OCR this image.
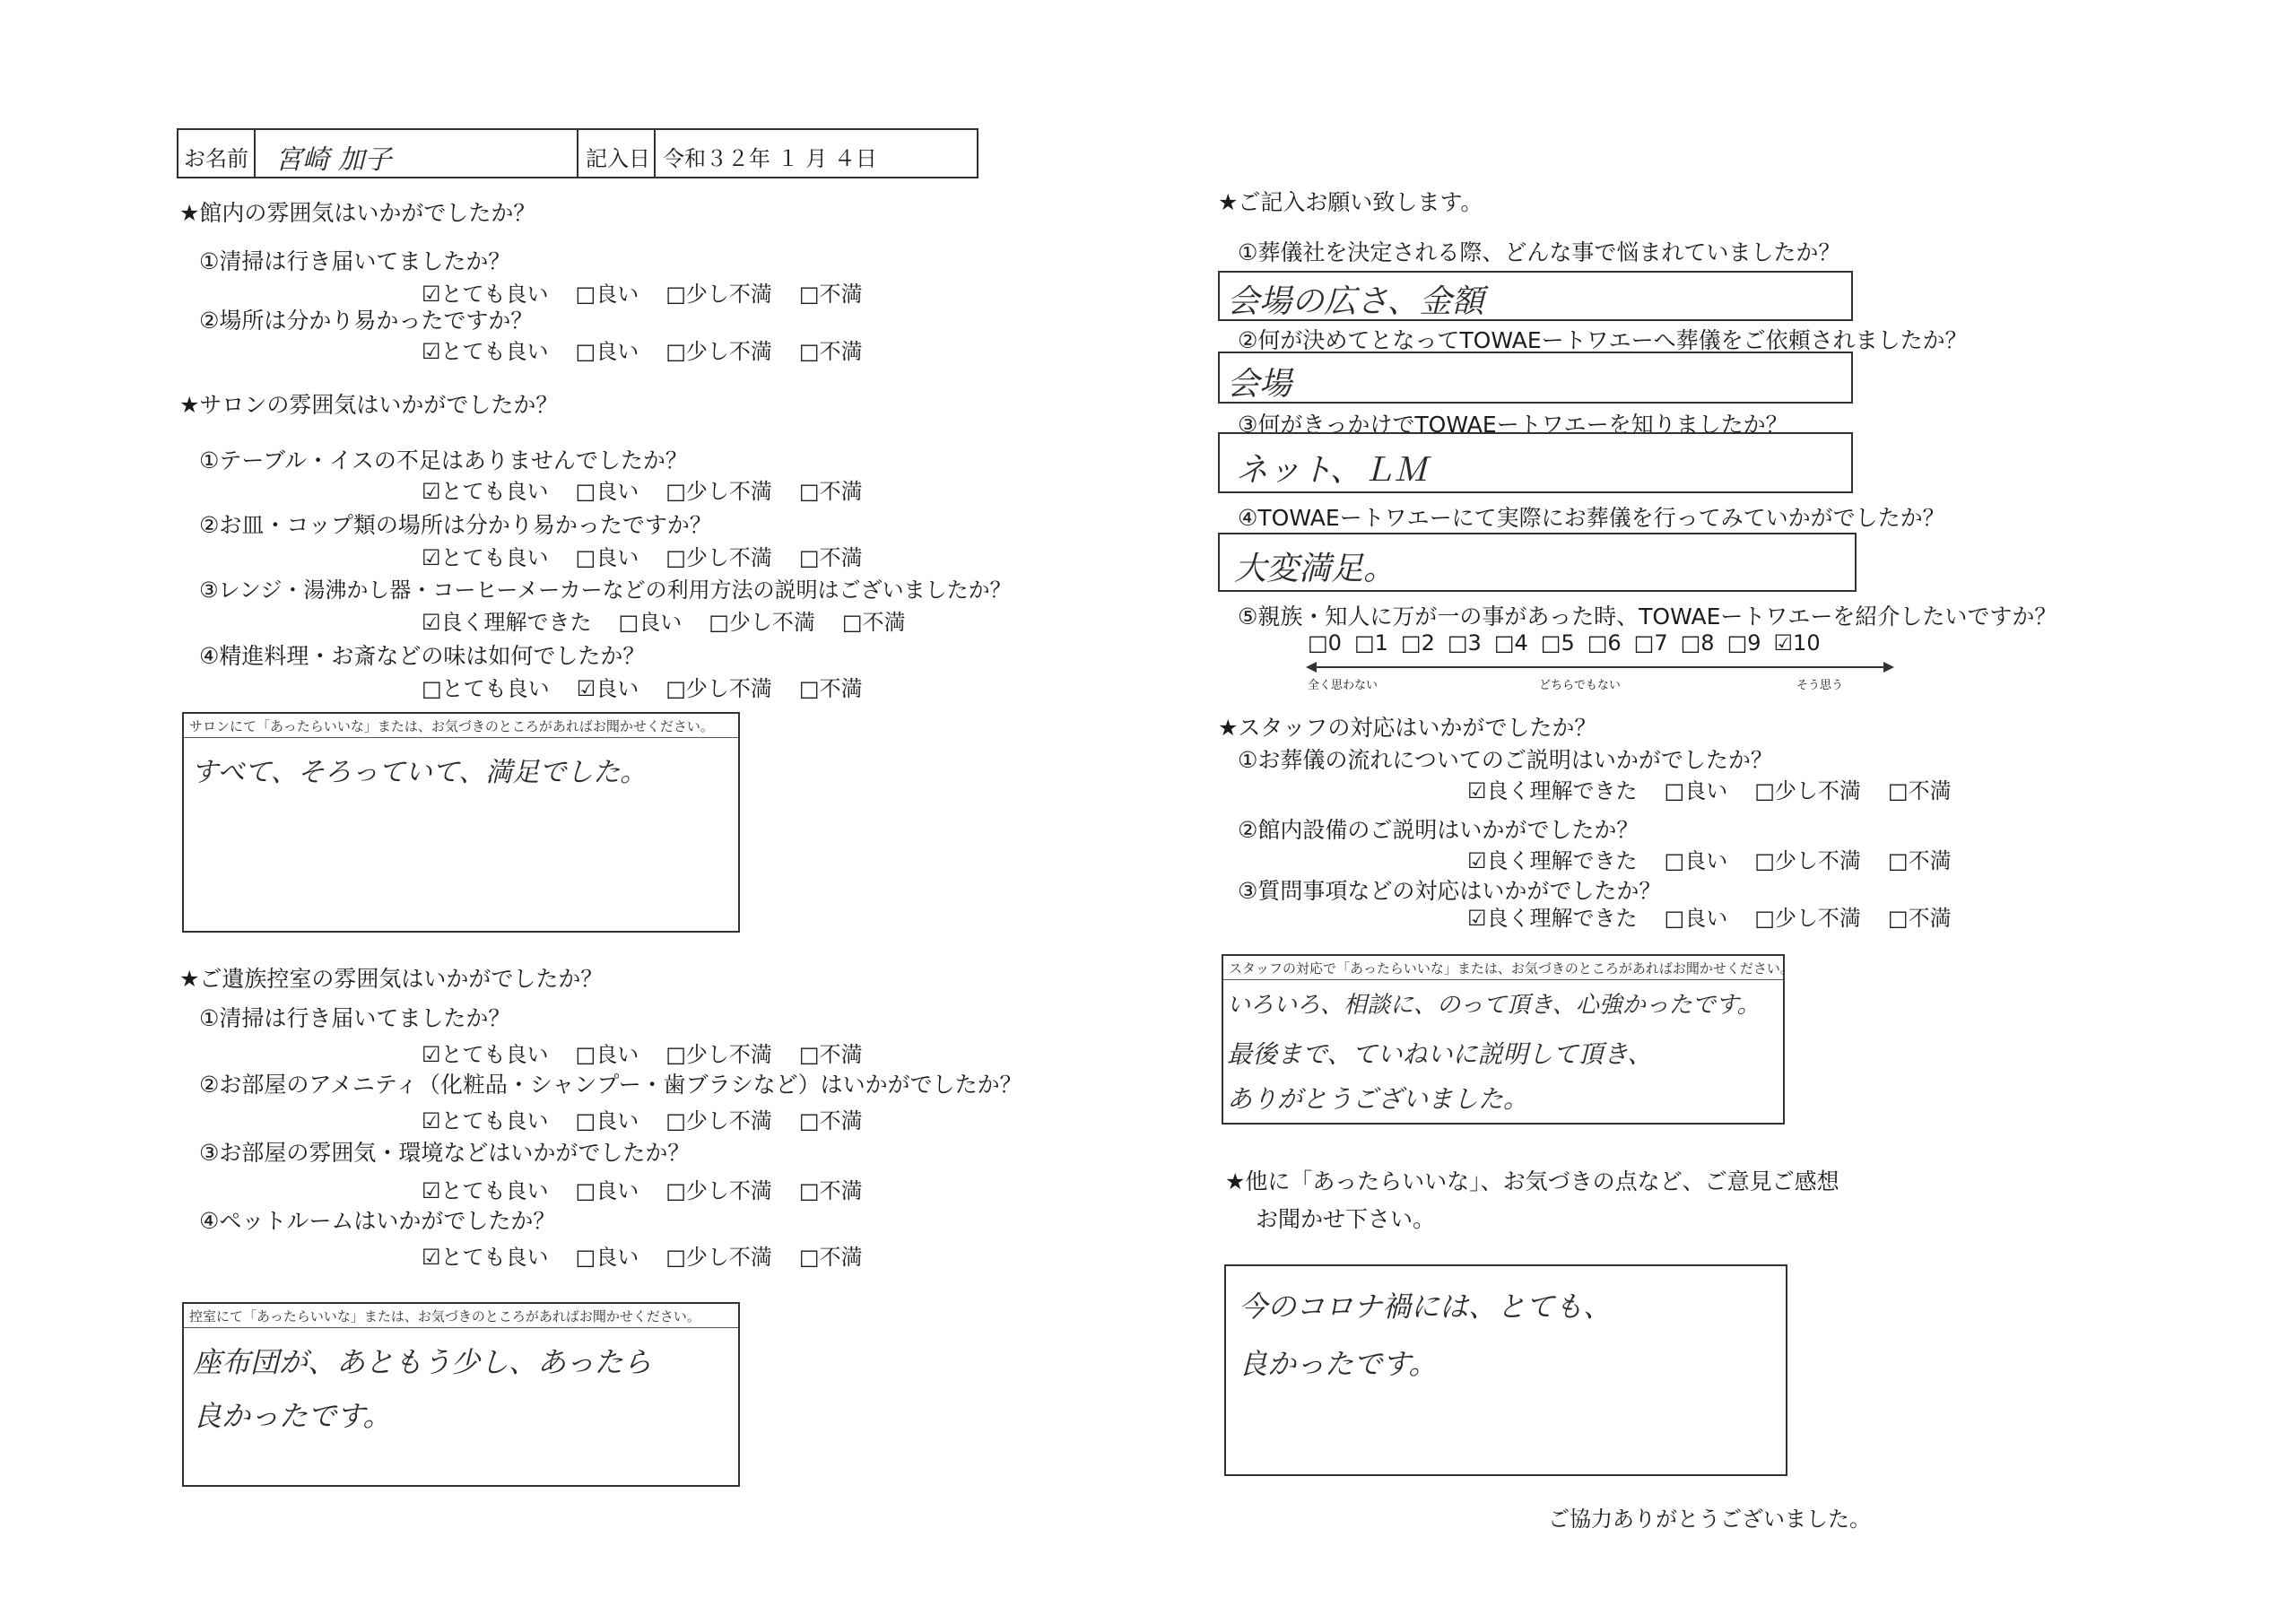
お名前 宮崎 加子	記入日 令和３２年 １ 月 ４日
★館内の雰囲気はいかがでしたか？
①清掃は行き届いてましたか？
☑とても良い □良い □少し不満 □不満
②場所は分かり易かったですか？
☑とても良い □良い □少し不満 □不満
★サロンの雰囲気はいかがでしたか？
①テーブル・イスの不足はありませんでしたか？
☑とても良い □良い □少し不満 □不満
②お皿・コップ類の場所は分かり易かったですか？
☑とても良い □良い □少し不満 □不満
③レンジ・湯沸かし器・コーヒーメーカーなどの利用方法の説明はございましたか？
☑良く理解できた □良い □少し不満 □不満
④精進料理・お斎などの味は如何でしたか？
□とても良い ☑良い □少し不満 □不満
サロンにて「あったらいいな」または、お気づきのところがあればお聞かせください。
すべて、そろっていて、満足でした。
★ご遺族控室の雰囲気はいかがでしたか？
①清掃は行き届いてましたか？
☑とても良い □良い □少し不満 □不満
②お部屋のアメニティ（化粧品・シャンプー・歯ブラシなど）はいかがでしたか？
☑とても良い □良い □少し不満 □不満
③お部屋の雰囲気・環境などはいかがでしたか？
☑とても良い □良い □少し不満 □不満
④ペットルームはいかがでしたか？
☑とても良い □良い □少し不満 □不満
控室にて「あったらいいな」または、お気づきのところがあればお聞かせください。
座布団が、あともう少し、あったら
良かったです。
★ご記入お願い致します。
①葬儀社を決定される際、どんな事で悩まれていましたか？
会場の広さ、金額
②何が決めてとなってTOWAEートワエーへ葬儀をご依頼されましたか？
会場
③何がきっかけでTOWAEートワエーを知りましたか？
ネット、ＬＭ
④TOWAEートワエーにて実際にお葬儀を行ってみていかがでしたか？
大変満足。
⑤親族・知人に万が一の事があった時、TOWAEートワエーを紹介したいですか？
□0 □1 □2 □3 □4 □5 □6 □7 □8 □9 ☑10
全く思わない	どちらでもない	そう思う
★スタッフの対応はいかがでしたか？
①お葬儀の流れについてのご説明はいかがでしたか？
☑良く理解できた □良い □少し不満 □不満
②館内設備のご説明はいかがでしたか？
☑良く理解できた □良い □少し不満 □不満
③質問事項などの対応はいかがでしたか？
☑良く理解できた □良い □少し不満 □不満
スタッフの対応で「あったらいいな」または、お気づきのところがあればお聞かせください。
いろいろ、相談に、のって頂き、心強かったです。
最後まで、ていねいに説明して頂き、
ありがとうございました。
★他に「あったらいいな」、お気づきの点など、ご意見ご感想
お聞かせ下さい。
今のコロナ禍には、とても、
良かったです。
ご協力ありがとうございました。
